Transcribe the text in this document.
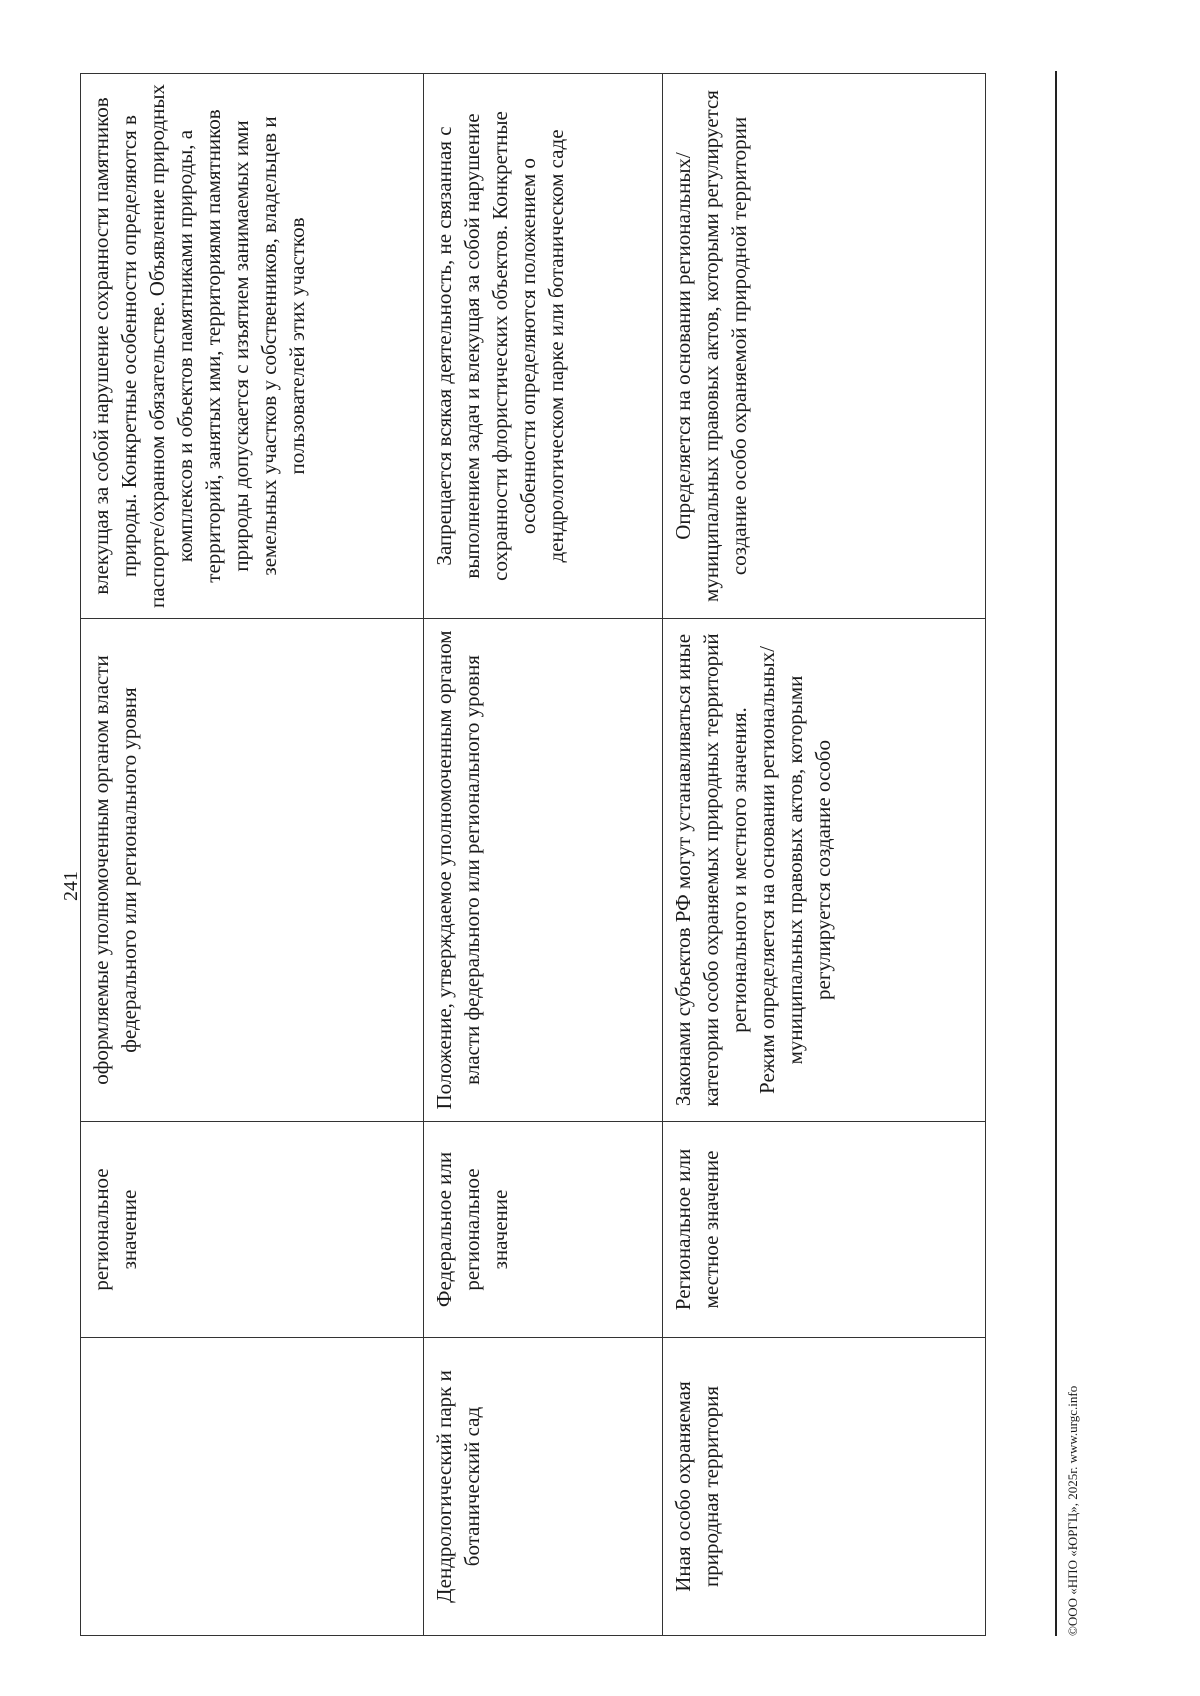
241
	региональное значение	оформляемые уполномоченным органом власти федерального или регионального уровня	влекущая за собой нарушение сохранности памятников природы. Конкретные особенности определяются в паспорте/охранном обязательстве. Объявление природных комплексов и объектов памятниками природы, а территорий, занятых ими, территориями памятников природы допускается с изъятием занимаемых ими земельных участков у собственников, владельцев и пользователей этих участков
Дендрологический парк и ботанический сад	Федеральное или региональное значение	Положение, утверждаемое уполномоченным органом власти федерального или регионального уровня	Запрещается всякая деятельность, не связанная с выполнением задач и влекущая за собой нарушение сохранности флористических объектов. Конкретные особенности определяются положением о дендрологическом парке или ботаническом саде
Иная особо охраняемая природная территория	Региональное или местное значение	Законами субъектов РФ могут устанавливаться иные категории особо охраняемых природных территорий регионального и местного значения. Режим определяется на основании региональных/муниципальных правовых актов, которыми регулируется создание особо	Определяется на основании региональных/муниципальных правовых актов, которыми регулируется создание особо охраняемой природной территории
©ООО «НПО «ЮРГЦ», 2025г. www.urgc.info
